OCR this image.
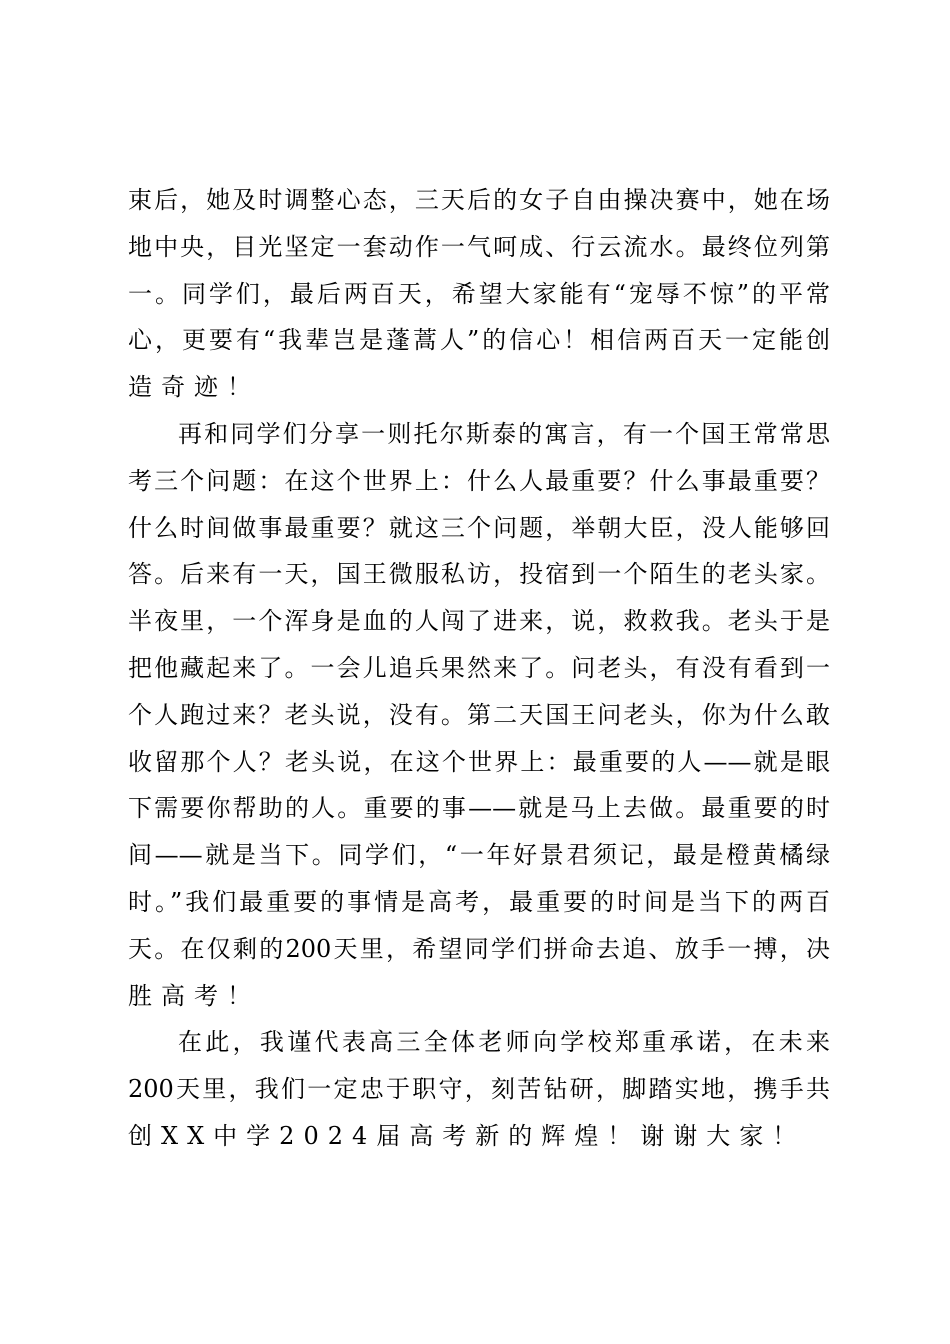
束后，她及时调整心态，三天后的女子自由操决赛中，她在场
地中央，目光坚定一套动作一气呵成、行云流水。最终位列第
一。同学们，最后两百天，希望大家能有“宠辱不惊”的平常
心，更要有“我辈岂是蓬蒿人”的信心！相信两百天一定能创
造奇迹！
再和同学们分享一则托尔斯泰的寓言，有一个国王常常思
考三个问题：在这个世界上：什么人最重要？什么事最重要？
什么时间做事最重要？就这三个问题，举朝大臣，没人能够回
答。后来有一天，国王微服私访，投宿到一个陌生的老头家。
半夜里，一个浑身是血的人闯了进来，说，救救我。老头于是
把他藏起来了。一会儿追兵果然来了。问老头，有没有看到一
个人跑过来？老头说，没有。第二天国王问老头，你为什么敢
收留那个人？老头说，在这个世界上：最重要的人——就是眼
下需要你帮助的人。重要的事——就是马上去做。最重要的时
间——就是当下。同学们，“一年好景君须记，最是橙黄橘绿
时。”我们最重要的事情是高考，最重要的时间是当下的两百
天。在仅剩的200天里，希望同学们拼命去追、放手一搏，决
胜高考！
在此，我谨代表高三全体老师向学校郑重承诺，在未来
200天里，我们一定忠于职守，刻苦钻研，脚踏实地，携手共
创XX中学2024届高考新的辉煌！谢谢大家！
